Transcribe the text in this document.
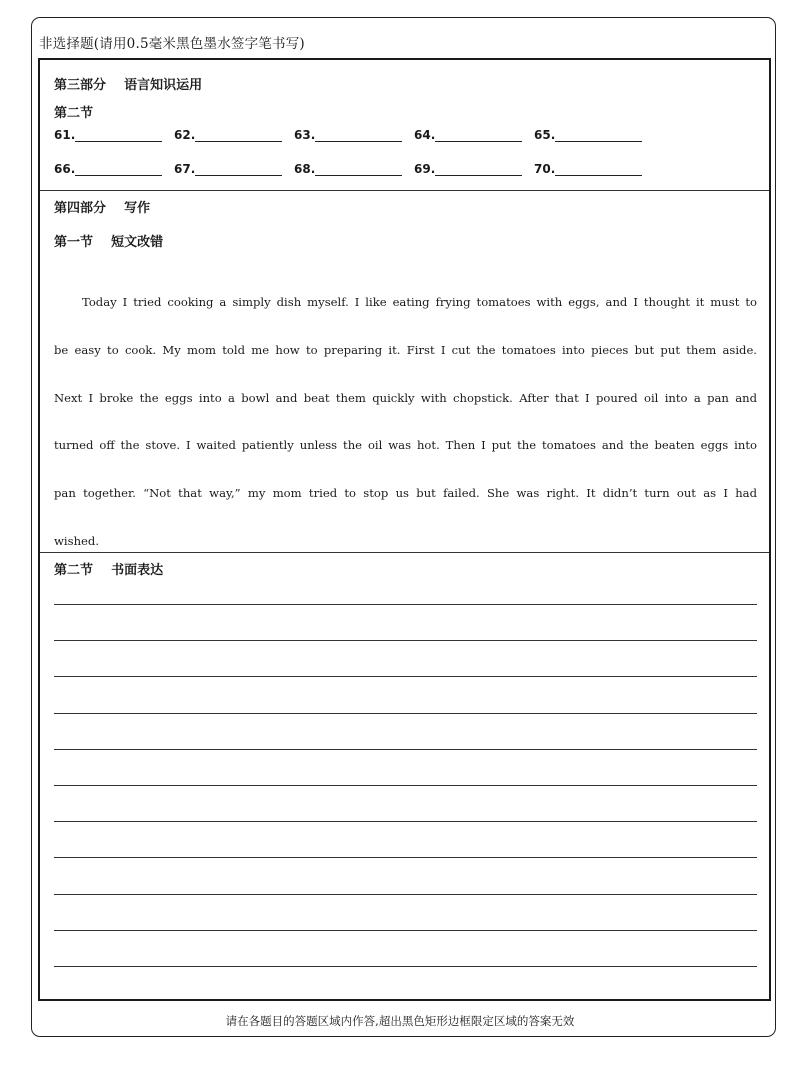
非选择题(请用0.5毫米黑色墨水签字笔书写)
第三部分    语言知识运用
第二节
61.	62.	63.	64.	65.
66.	67.	68.	69.	70.
第四部分    写作
第一节    短文改错
Today I tried cooking a simply dish myself. I like eating frying tomatoes with eggs, and I thought it must to be easy to cook. My mom told me how to preparing it. First I cut the tomatoes into pieces but put them aside. Next I broke the eggs into a bowl and beat them quickly with chopstick. After that I poured oil into a pan and turned off the stove. I waited patiently unless the oil was hot. Then I put the tomatoes and the beaten eggs into pan together. “Not that way,” my mom tried to stop us but failed. She was right. It didn’t turn out as I had wished.
第二节    书面表达
请在各题目的答题区域内作答,超出黑色矩形边框限定区域的答案无效
